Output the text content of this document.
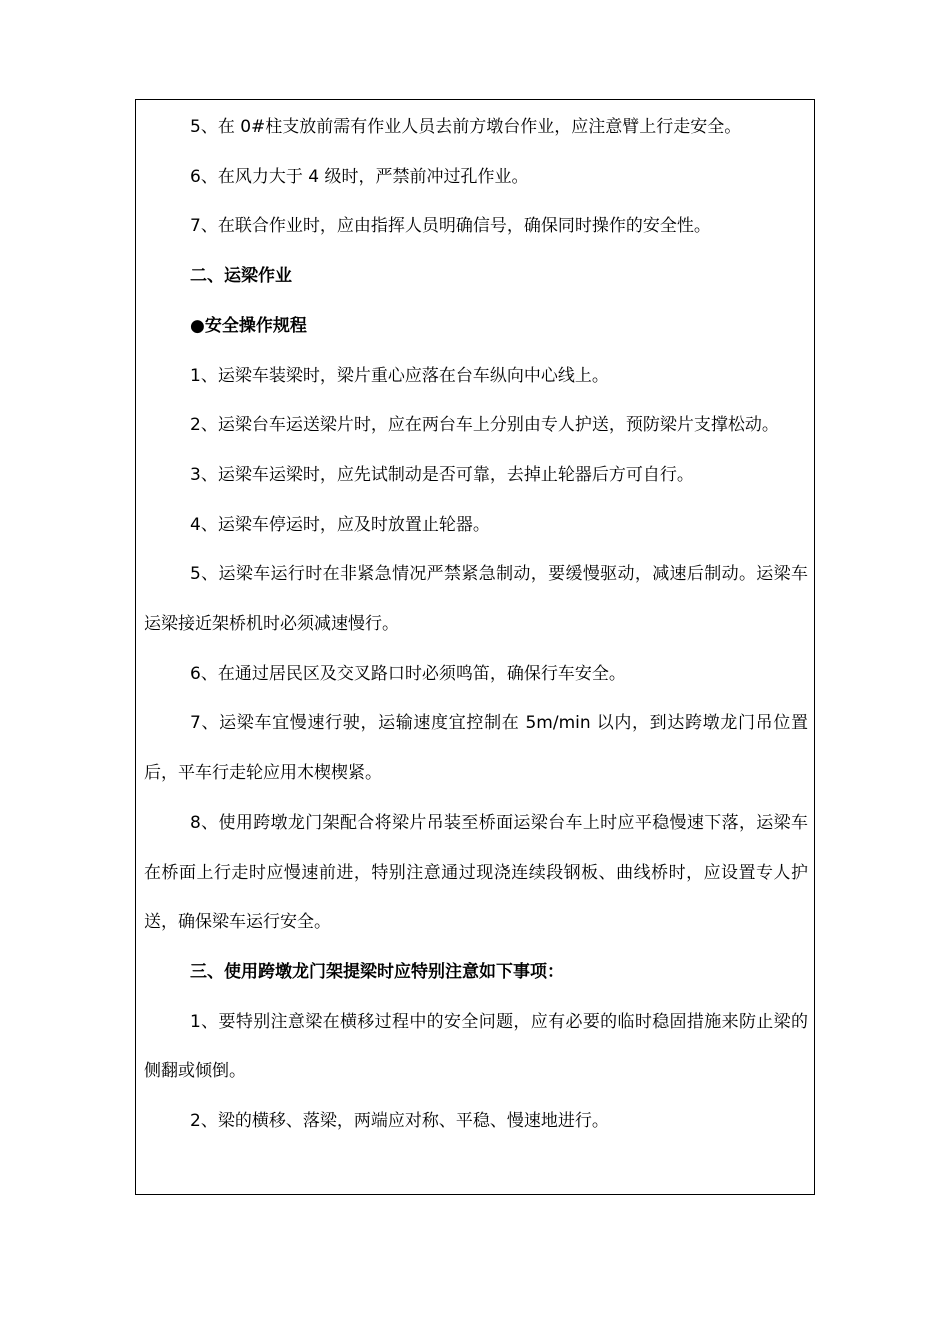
5、在 0#柱支放前需有作业人员去前方墩台作业，应注意臂上行走安全。

6、在风力大于 4 级时，严禁前冲过孔作业。

7、在联合作业时，应由指挥人员明确信号，确保同时操作的安全性。

二、运梁作业

●安全操作规程

1、运梁车装梁时，梁片重心应落在台车纵向中心线上。

2、运梁台车运送梁片时，应在两台车上分别由专人护送，预防梁片支撑松动。

3、运梁车运梁时，应先试制动是否可靠，去掉止轮器后方可自行。

4、运梁车停运时，应及时放置止轮器。

5、运梁车运行时在非紧急情况严禁紧急制动，要缓慢驱动，减速后制动。运梁车运梁接近架桥机时必须减速慢行。

6、在通过居民区及交叉路口时必须鸣笛，确保行车安全。

7、运梁车宜慢速行驶，运输速度宜控制在 5m/min 以内，到达跨墩龙门吊位置后，平车行走轮应用木楔楔紧。

8、使用跨墩龙门架配合将梁片吊装至桥面运梁台车上时应平稳慢速下落，运梁车在桥面上行走时应慢速前进，特别注意通过现浇连续段钢板、曲线桥时，应设置专人护送，确保梁车运行安全。

三、使用跨墩龙门架提梁时应特别注意如下事项：

1、要特别注意梁在横移过程中的安全问题，应有必要的临时稳固措施来防止梁的侧翻或倾倒。

2、梁的横移、落梁，两端应对称、平稳、慢速地进行。
